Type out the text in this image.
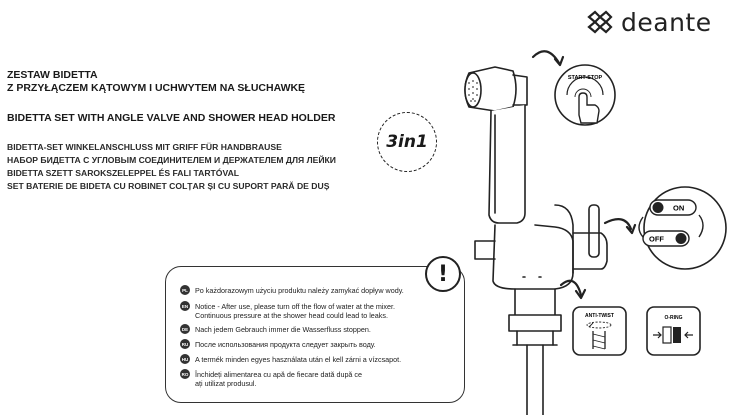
deante
ZESTAW BIDETTA
Z PRZYŁĄCZEM KĄTOWYM I UCHWYTEM NA SŁUCHAWKĘ
BIDETTA SET WITH ANGLE VALVE AND SHOWER HEAD HOLDER
BIDETTA-SET WINKELANSCHLUSS MIT GRIFF FÜR HANDBRAUSE
НАБОР БИДЕТТА С УГЛОВЫМ СОЕДИНИТЕЛЕМ И ДЕРЖАТЕЛЕМ ДЛЯ ЛЕЙКИ
BIDETTA SZETT SAROKSZELEPPEL ÉS FALI TARTÓVAL
SET BATERIE DE BIDETA CU ROBINET COLȚAR ȘI CU SUPORT PARĂ DE DUȘ
3in1
PL Po każdorazowym użyciu produktu należy zamykać dopływ wody.
EN Notice - After use, please turn off the flow of water at the mixer.
Continuous pressure at the shower head could lead to leaks.
DE Nach jedem Gebrauch immer die Wasserfluss stoppen.
RU После использования продукта следует закрыть воду.
HU A termék minden egyes használata után el kell zárni a vízcsapot.
RO Închideți alimentarea cu apă de fiecare dată după ce
ați utilizat produsul.
!
START-STOP
ON
OFF
ANTI-TWIST	O-RING
